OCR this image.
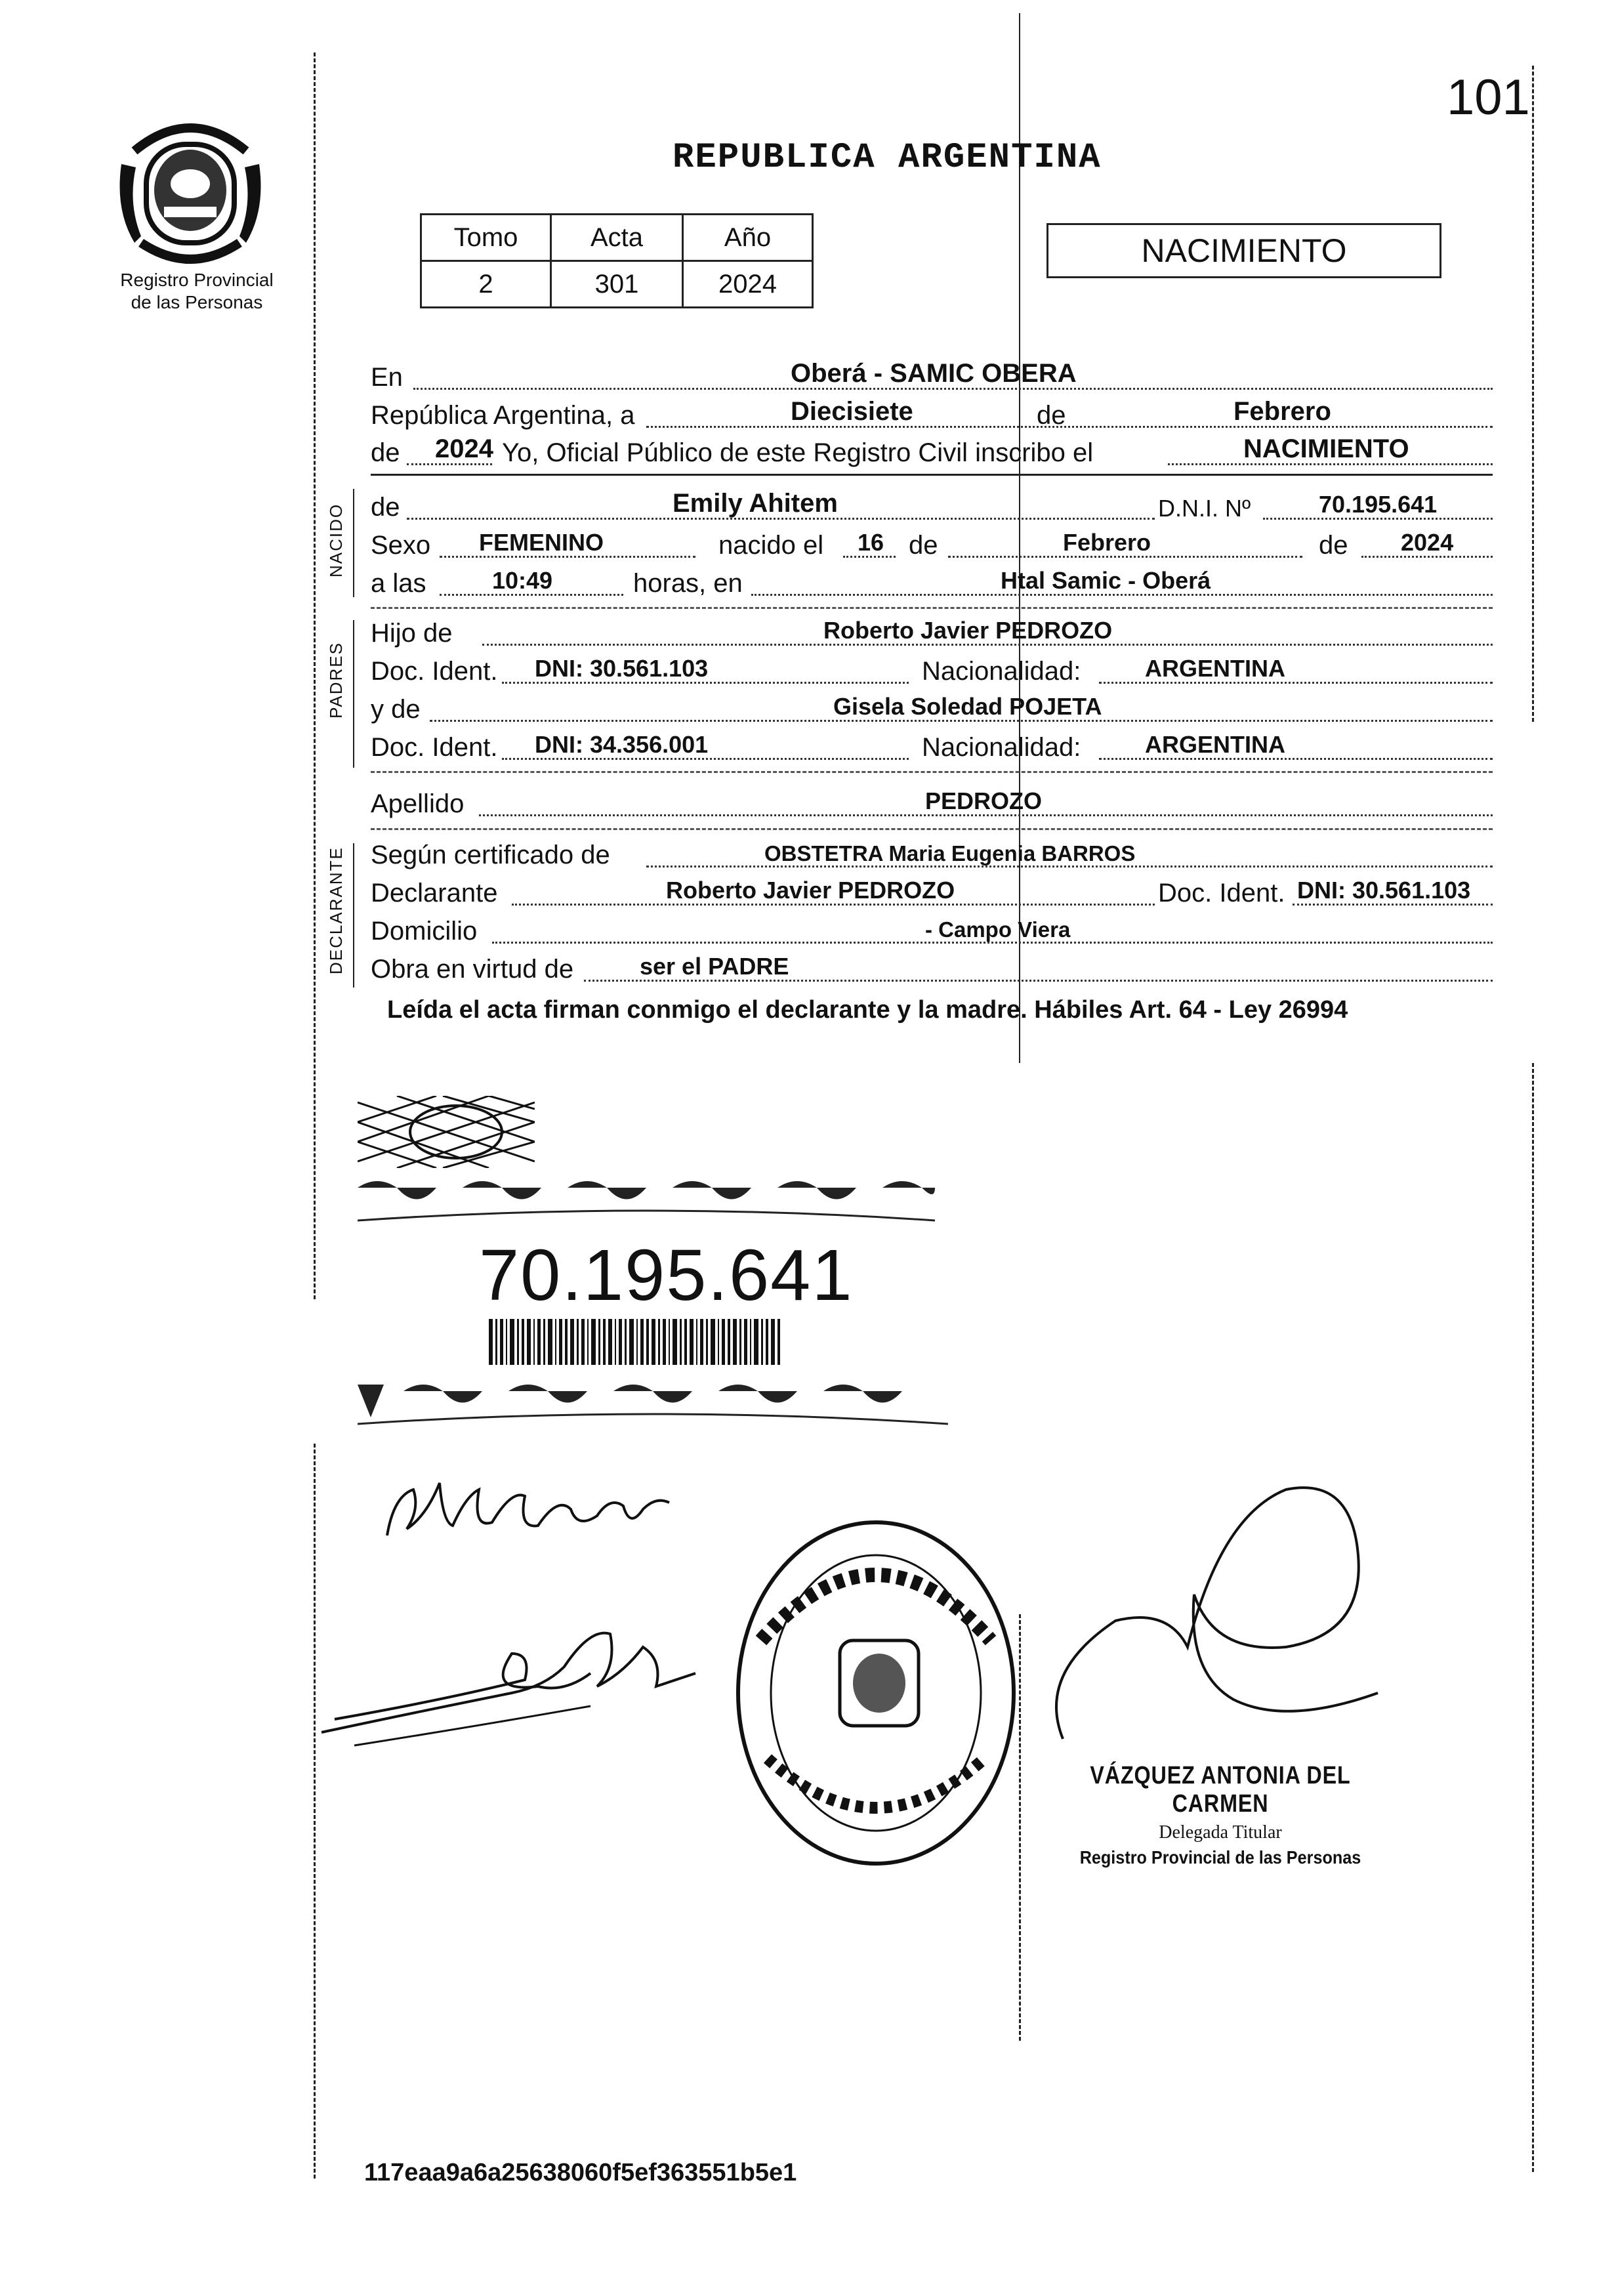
101
Registro Provincial
de las Personas
REPUBLICA ARGENTINA
Tomo	Acta	Año
2	301	2024
NACIMIENTO
NACIDO
PADRES
DECLARANTE
En	Oberá - SAMIC OBERA
República Argentina, a	Diecisiete	de	Febrero
de 2024 Yo, Oficial Público de este Registro Civil inscribo el	NACIMIENTO
de	Emily Ahitem	D.N.I. Nº	70.195.641
Sexo FEMENINO	nacido el 16 de	Febrero	de 2024
a las	10:49	horas, en	Htal Samic - Oberá
Hijo de	Roberto Javier PEDROZO
Doc. Ident. DNI: 30.561.103	Nacionalidad:	ARGENTINA
y de	Gisela Soledad POJETA
Doc. Ident. DNI: 34.356.001	Nacionalidad:	ARGENTINA
Apellido	PEDROZO
Según certificado de	OBSTETRA Maria Eugenia BARROS
Declarante	Roberto Javier PEDROZO	Doc. Ident. DNI: 30.561.103
Domicilio	- Campo Viera
Obra en virtud de	ser el PADRE
Leída el acta firman conmigo el declarante y la madre. Hábiles Art. 64 - Ley 26994
70.195.641
VÁZQUEZ ANTONIA DEL CARMEN
Delegada Titular
Registro Provincial de las Personas
117eaa9a6a25638060f5ef363551b5e1
